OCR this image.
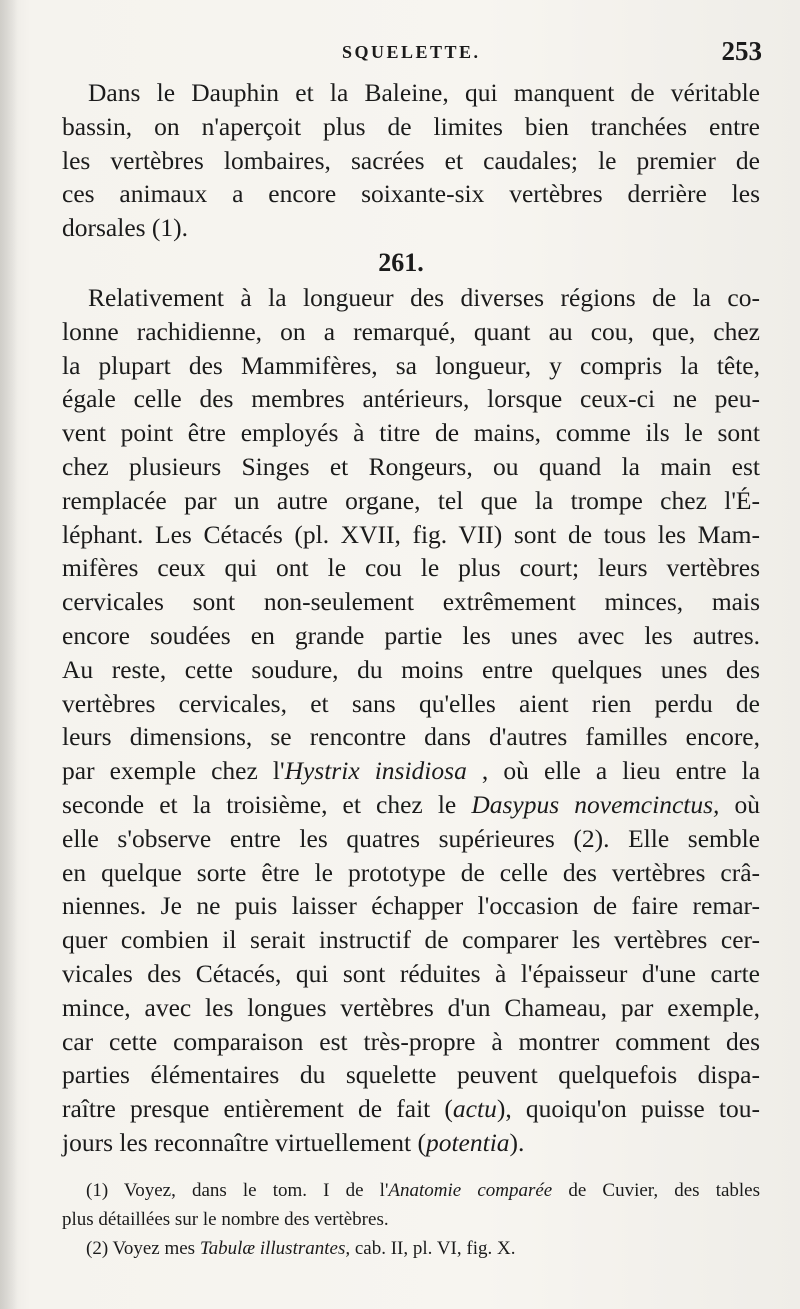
SQUELETTE.	253
Dans le Dauphin et la Baleine, qui manquent de véritable
bassin, on n'aperçoit plus de limites bien tranchées entre
les vertèbres lombaires, sacrées et caudales; le premier de
ces animaux a encore soixante-six vertèbres derrière les
dorsales (1).
261.
Relativement à la longueur des diverses régions de la co-
lonne rachidienne, on a remarqué, quant au cou, que, chez
la plupart des Mammifères, sa longueur, y compris la tête,
égale celle des membres antérieurs, lorsque ceux-ci ne peu-
vent point être employés à titre de mains, comme ils le sont
chez plusieurs Singes et Rongeurs, ou quand la main est
remplacée par un autre organe, tel que la trompe chez l'É-
léphant. Les Cétacés (pl. XVII, fig. VII) sont de tous les Mam-
mifères ceux qui ont le cou le plus court; leurs vertèbres
cervicales sont non-seulement extrêmement minces, mais
encore soudées en grande partie les unes avec les autres.
Au reste, cette soudure, du moins entre quelques unes des
vertèbres cervicales, et sans qu'elles aient rien perdu de
leurs dimensions, se rencontre dans d'autres familles encore,
par exemple chez l'Hystrix insidiosa , où elle a lieu entre la
seconde et la troisième, et chez le Dasypus novemcinctus, où
elle s'observe entre les quatres supérieures (2). Elle semble
en quelque sorte être le prototype de celle des vertèbres crâ-
niennes. Je ne puis laisser échapper l'occasion de faire remar-
quer combien il serait instructif de comparer les vertèbres cer-
vicales des Cétacés, qui sont réduites à l'épaisseur d'une carte
mince, avec les longues vertèbres d'un Chameau, par exemple,
car cette comparaison est très-propre à montrer comment des
parties élémentaires du squelette peuvent quelquefois dispa-
raître presque entièrement de fait (actu), quoiqu'on puisse tou-
jours les reconnaître virtuellement (potentia).
(1) Voyez, dans le tom. I de l'Anatomie comparée de Cuvier, des tables
plus détaillées sur le nombre des vertèbres.
(2) Voyez mes Tabulæ illustrantes, cab. II, pl. VI, fig. X.
